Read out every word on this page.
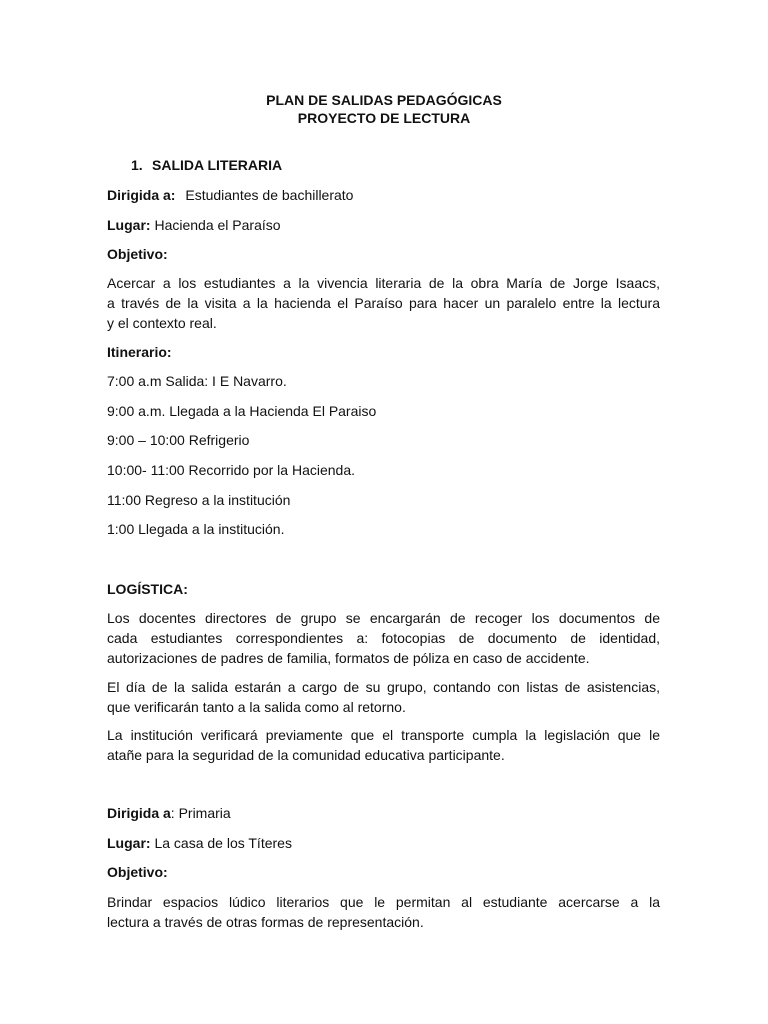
PLAN DE SALIDAS PEDAGÓGICAS
PROYECTO DE LECTURA
1. SALIDA LITERARIA
Dirigida a: Estudiantes de bachillerato
Lugar: Hacienda el Paraíso
Objetivo:
Acercar a los estudiantes a la vivencia literaria de la obra María de Jorge Isaacs,
a través de la visita a la hacienda el Paraíso para hacer un paralelo entre la lectura
y el contexto real.
Itinerario:
7:00 a.m Salida: I E Navarro.
9:00 a.m. Llegada a la Hacienda El Paraiso
9:00 – 10:00 Refrigerio
10:00- 11:00 Recorrido por la Hacienda.
11:00 Regreso a la institución
1:00 Llegada a la institución.
LOGÍSTICA:
Los docentes directores de grupo se encargarán de recoger los documentos de
cada estudiantes correspondientes a: fotocopias de documento de identidad,
autorizaciones de padres de familia, formatos de póliza en caso de accidente.
El día de la salida estarán a cargo de su grupo, contando con listas de asistencias,
que verificarán tanto a la salida como al retorno.
La institución verificará previamente que el transporte cumpla la legislación que le
atañe para la seguridad de la comunidad educativa participante.
Dirigida a: Primaria
Lugar: La casa de los Títeres
Objetivo:
Brindar espacios lúdico literarios que le permitan al estudiante acercarse a la
lectura a través de otras formas de representación.
